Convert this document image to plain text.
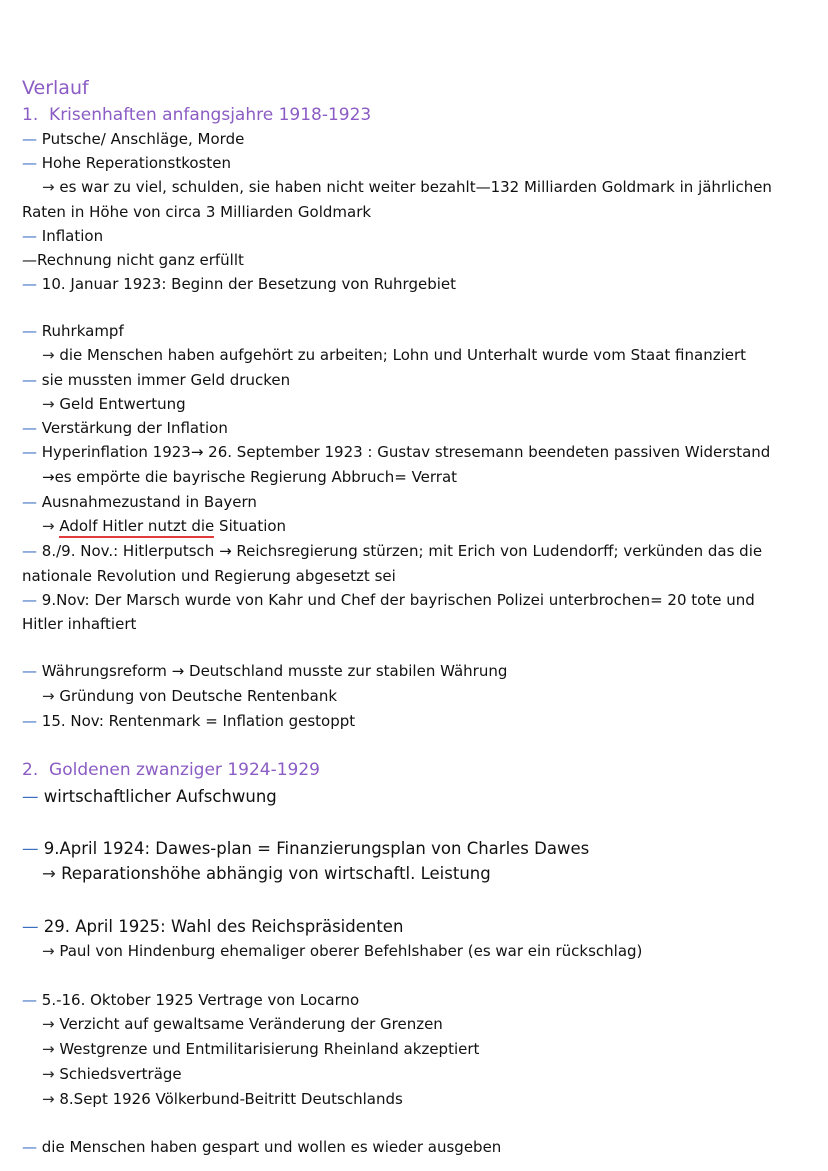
Verlauf
1. Krisenhaften anfangsjahre 1918-1923
— Putsche/ Anschläge, Morde
— Hohe Reperationstkosten
→ es war zu viel, schulden, sie haben nicht weiter bezahlt—132 Milliarden Goldmark in jährlichen
Raten in Höhe von circa 3 Milliarden Goldmark
— Inflation
—Rechnung nicht ganz erfüllt
— 10. Januar 1923: Beginn der Besetzung von Ruhrgebiet
— Ruhrkampf
→ die Menschen haben aufgehört zu arbeiten; Lohn und Unterhalt wurde vom Staat finanziert
— sie mussten immer Geld drucken
→ Geld Entwertung
— Verstärkung der Inflation
— Hyperinflation 1923→ 26. September 1923 : Gustav stresemann beendeten passiven Widerstand
→es empörte die bayrische Regierung Abbruch= Verrat
— Ausnahmezustand in Bayern
→ Adolf Hitler nutzt die Situation
— 8./9. Nov.: Hitlerputsch → Reichsregierung stürzen; mit Erich von Ludendorff; verkünden das die
nationale Revolution und Regierung abgesetzt sei
— 9.Nov: Der Marsch wurde von Kahr und Chef der bayrischen Polizei unterbrochen= 20 tote und
Hitler inhaftiert
— Währungsreform → Deutschland musste zur stabilen Währung
→ Gründung von Deutsche Rentenbank
— 15. Nov: Rentenmark = Inflation gestoppt
2. Goldenen zwanziger 1924-1929
— wirtschaftlicher Aufschwung
— 9.April 1924: Dawes-plan = Finanzierungsplan von Charles Dawes
→ Reparationshöhe abhängig von wirtschaftl. Leistung
— 29. April 1925: Wahl des Reichspräsidenten
→ Paul von Hindenburg ehemaliger oberer Befehlshaber (es war ein rückschlag)
— 5.-16. Oktober 1925 Vertrage von Locarno
→ Verzicht auf gewaltsame Veränderung der Grenzen
→ Westgrenze und Entmilitarisierung Rheinland akzeptiert
→ Schiedsverträge
→ 8.Sept 1926 Völkerbund-Beitritt Deutschlands
— die Menschen haben gespart und wollen es wieder ausgeben
